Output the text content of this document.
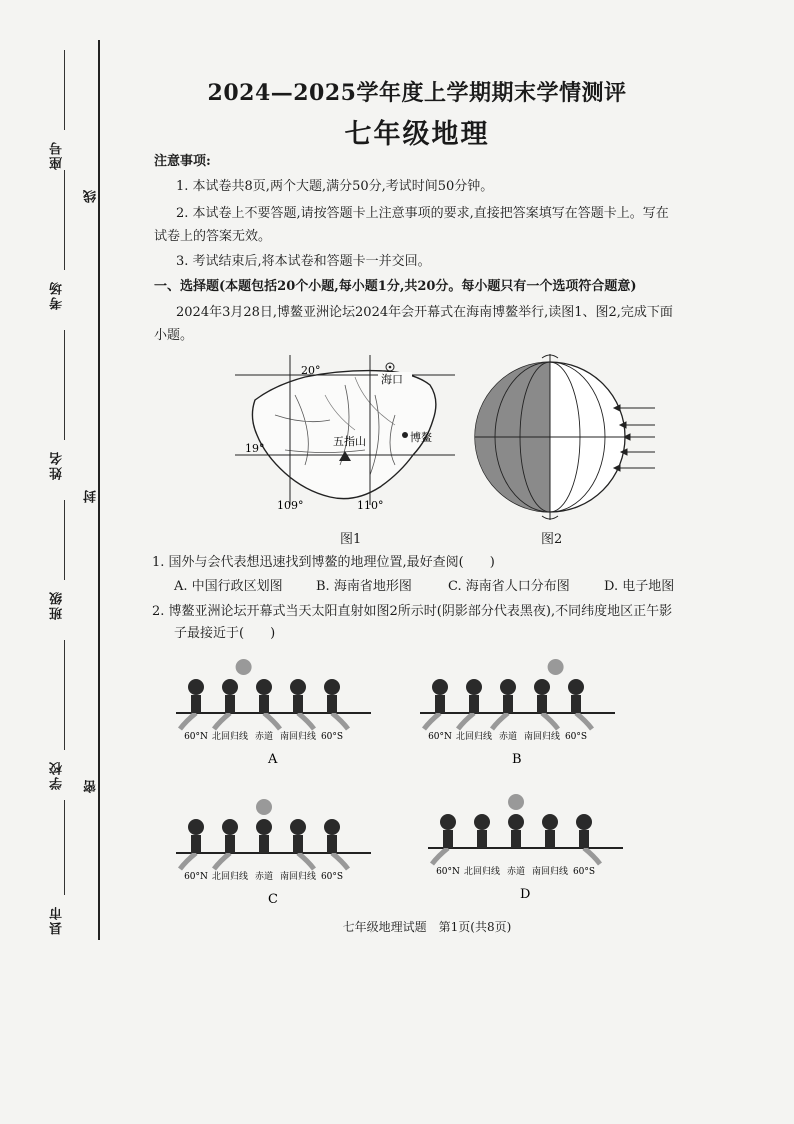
座号
考场
姓名
班级
学校
县市
线
封
密
2024—2025学年度上学期期末学情测评
七年级地理
注意事项:
1. 本试卷共8页,两个大题,满分50分,考试时间50分钟。
2. 本试卷上不要答题,请按答题卡上注意事项的要求,直接把答案填写在答题卡上。写在
试卷上的答案无效。
3. 考试结束后,将本试卷和答题卡一并交回。
一、选择题(本题包括20个小题,每小题1分,共20分。每小题只有一个选项符合题意)
2024年3月28日,博鳌亚洲论坛2024年会开幕式在海南博鳌举行,读图1、图2,完成下面
小题。
海口
五指山	博鳌
20°
19°
109°	110°
图1	图2
1. 国外与会代表想迅速找到博鳌的地理位置,最好查阅(　　)
A. 中国行政区划图	B. 海南省地形图	C. 海南省人口分布图	D. 电子地图
2. 博鳌亚洲论坛开幕式当天太阳直射如图2所示时(阴影部分代表黑夜),不同纬度地区正午影
子最接近于(　　)
60°N 北回归线 赤道 南回归线 60°S
A
60°N 北回归线 赤道 南回归线 60°S
B
60°N 北回归线 赤道 南回归线 60°S
C
60°N 北回归线 赤道 南回归线 60°S
D
七年级地理试题　第1页(共8页)
